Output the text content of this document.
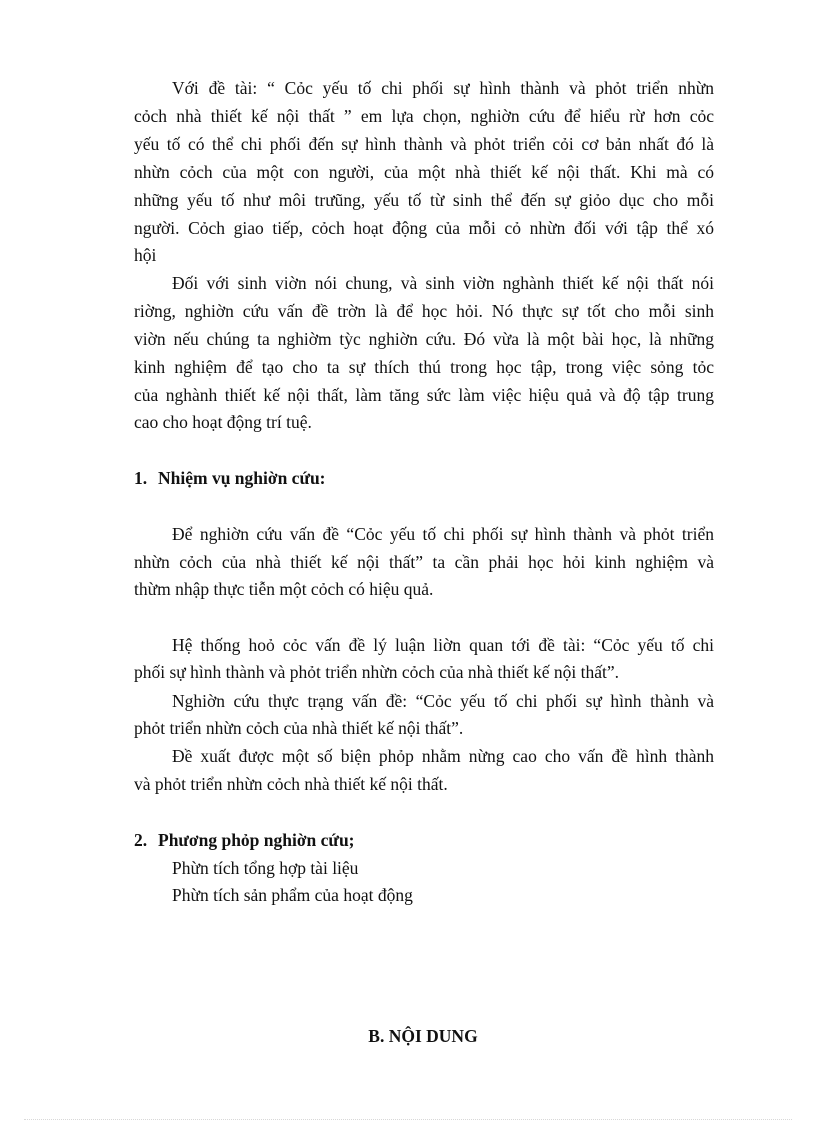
Với đề tài: “ Cỏc yếu tố chi phối sự hình thành và phỏt triển nhừn
cỏch nhà thiết kế nội thất ” em lựa chọn, nghiờn cứu để hiểu rừ hơn cỏc
yếu tố có thể chi phối đến sự hình thành và phỏt triển cỏi cơ bản nhất đó là
nhừn cỏch của một con người, của một nhà thiết kế nội thất. Khi mà có
những yếu tố như môi trưũng, yếu tố từ sinh thể đến sự giỏo dục cho mỗi
người. Cỏch giao tiếp, cỏch hoạt động của mỗi cỏ nhừn đối với tập thể xó
hội
Đối với sinh viờn nói chung, và sinh viờn nghành thiết kế nội thất nói
riờng, nghiờn cứu vấn đề trờn là để học hỏi. Nó thực sự tốt cho mỗi sinh
viờn nếu chúng ta nghiờm tỳc nghiờn cứu. Đó vừa là một bài học, là những
kinh nghiệm để tạo cho ta sự thích thú trong học tập, trong việc sỏng tỏc
của nghành thiết kế nội thất, làm tăng sức làm việc hiệu quả và độ tập trung
cao cho hoạt động trí tuệ.
1. Nhiệm vụ nghiờn cứu:
Để nghiờn cứu vấn đề “Cỏc yếu tố chi phối sự hình thành và phỏt triển
nhừn cỏch của nhà thiết kế nội thất” ta cần phải học hỏi kinh nghiệm và
thừm nhập thực tiễn một cỏch có hiệu quả.
Hệ thống hoỏ cỏc vấn đề lý luận liờn quan tới đề tài: “Cỏc yếu tố chi
phối sự hình thành và phỏt triển nhừn cỏch của nhà thiết kế nội thất”.
Nghiờn cứu thực trạng vấn đề: “Cỏc yếu tố chi phối sự hình thành và
phỏt triển nhừn cỏch của nhà thiết kế nội thất”.
Đề xuất được một số biện phỏp nhằm nừng cao cho vấn đề hình thành
và phỏt triển nhừn cỏch nhà thiết kế nội thất.
2. Phương phỏp nghiờn cứu;
Phừn tích tổng hợp tài liệu
Phừn tích sản phẩm của hoạt động
B. NỘI DUNG
